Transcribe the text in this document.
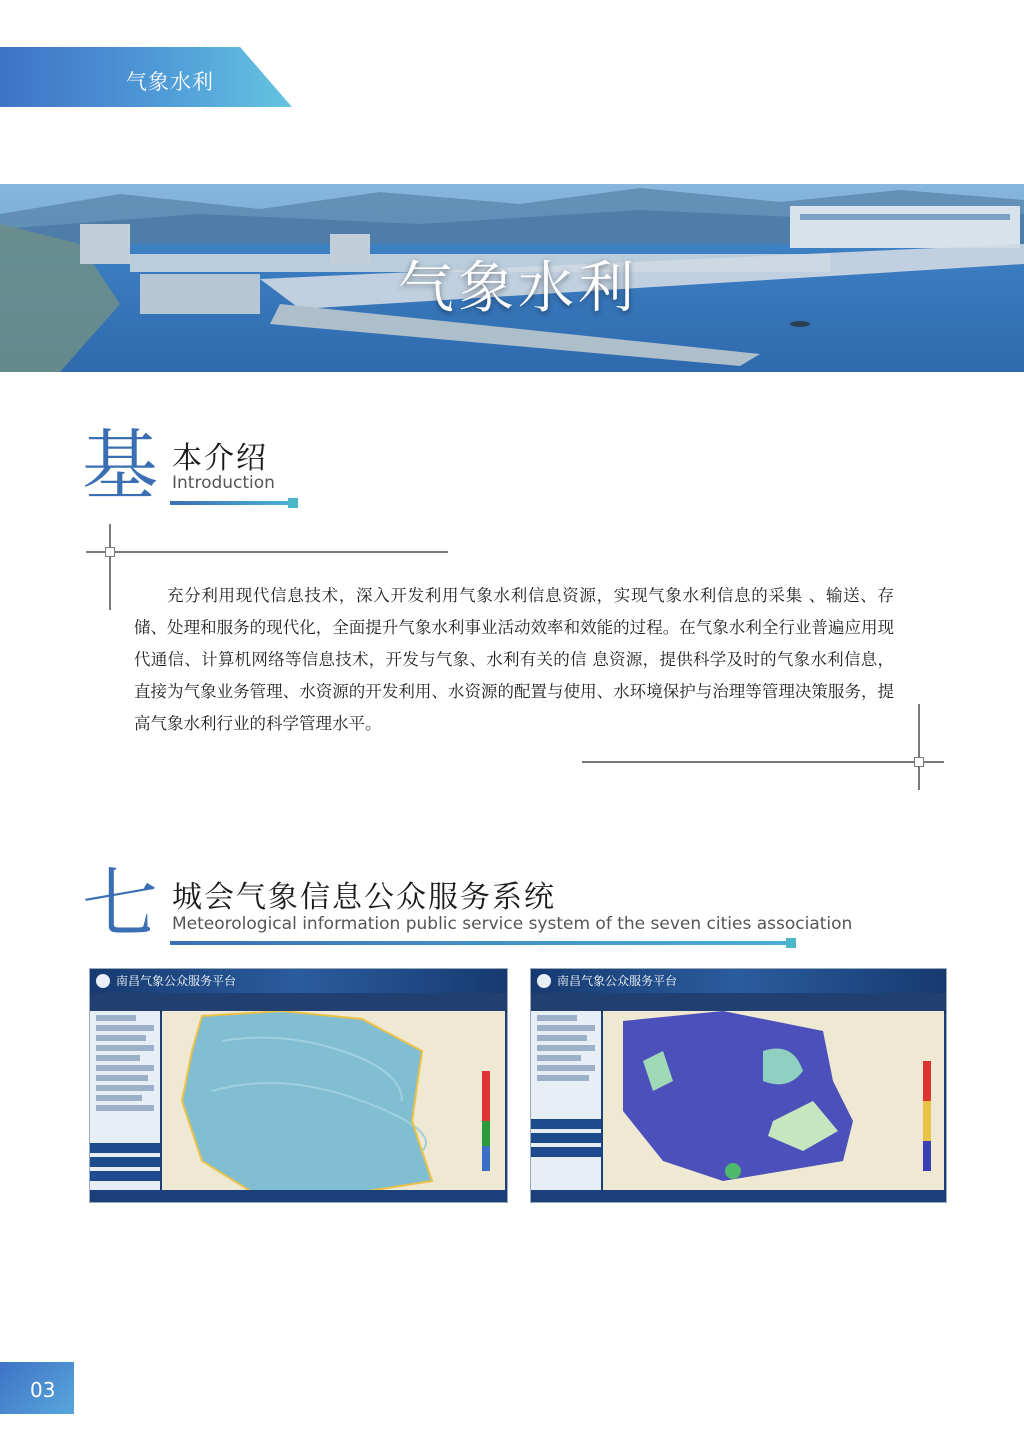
气象水利
气象水利
基 本介绍
Introduction
充分利用现代信息技术，深入开发利用气象水利信息资源，实现气象水利信息的采集 、输送、存储、处理和服务的现代化，全面提升气象水利事业活动效率和效能的过程。在气象水利全行业普遍应用现代通信、计算机网络等信息技术，开发与气象、水利有关的信 息资源，提供科学及时的气象水利信息，直接为气象业务管理、水资源的开发利用、水资源的配置与使用、水环境保护与治理等管理决策服务，提高气象水利行业的科学管理水平。
七 城会气象信息公众服务系统
Meteorological information public service system of the seven cities association
南昌气象公众服务平台	南昌气象公众服务平台
03
